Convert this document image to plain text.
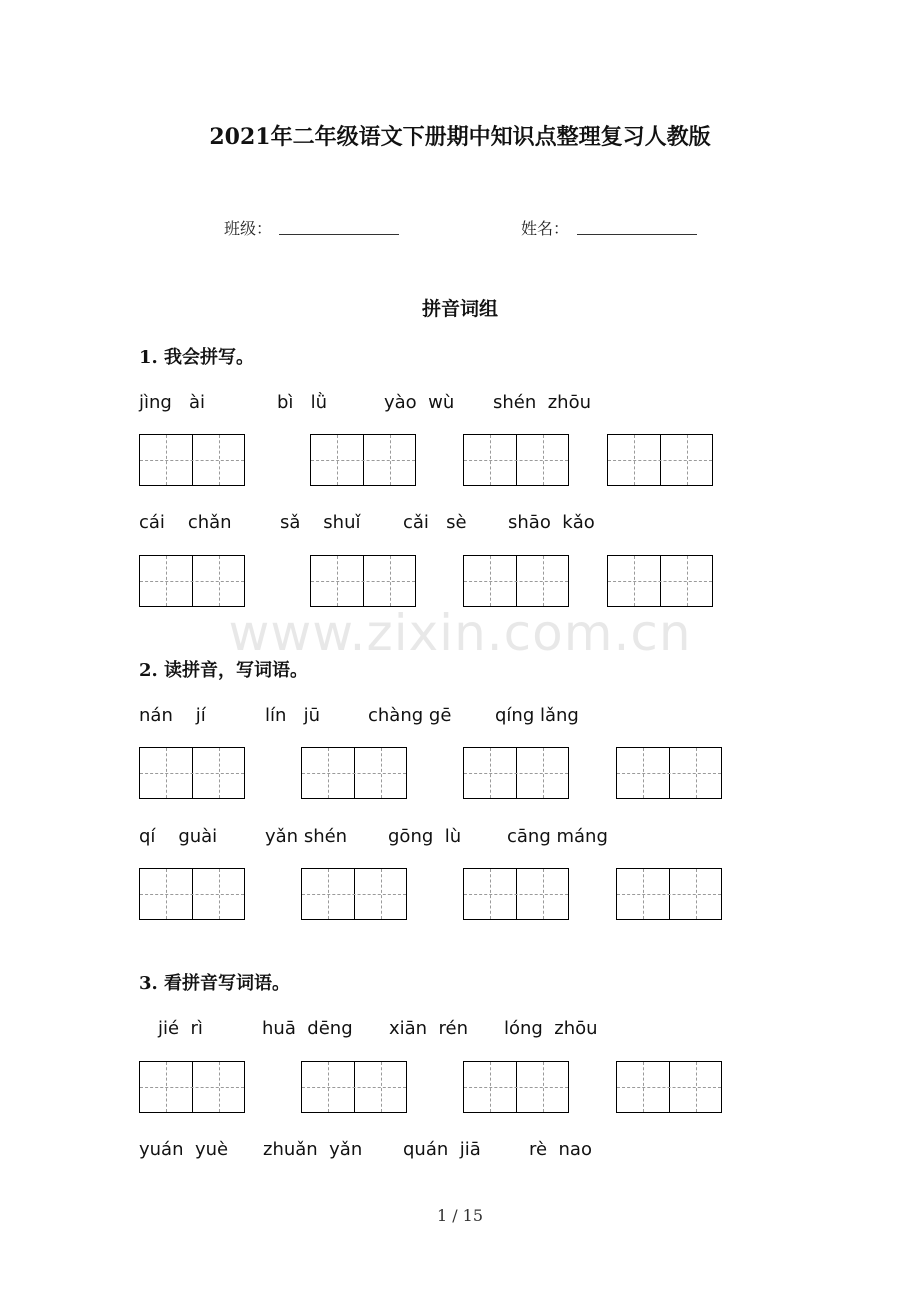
2021年二年级语文下册期中知识点整理复习人教版
班级：	姓名：
拼音词组
1. 我会拼写。
jìng   ài	bì   lǜ	yào  wù shén  zhōu
cái    chǎn	sǎ    shuǐ cǎi   sè shāo  kǎo
www.zixin.com.cn
2. 读拼音，写词语。
nán    jí	lín   jū	chàng gē qíng lǎng
qí    guài	yǎn shén gōng  lù	cāng máng
3. 看拼音写词语。
jié  rì	huā  dēng xiān  rén lóng  zhōu
yuán  yuè zhuǎn  yǎn quán  jiā	rè  nao
1 / 15
